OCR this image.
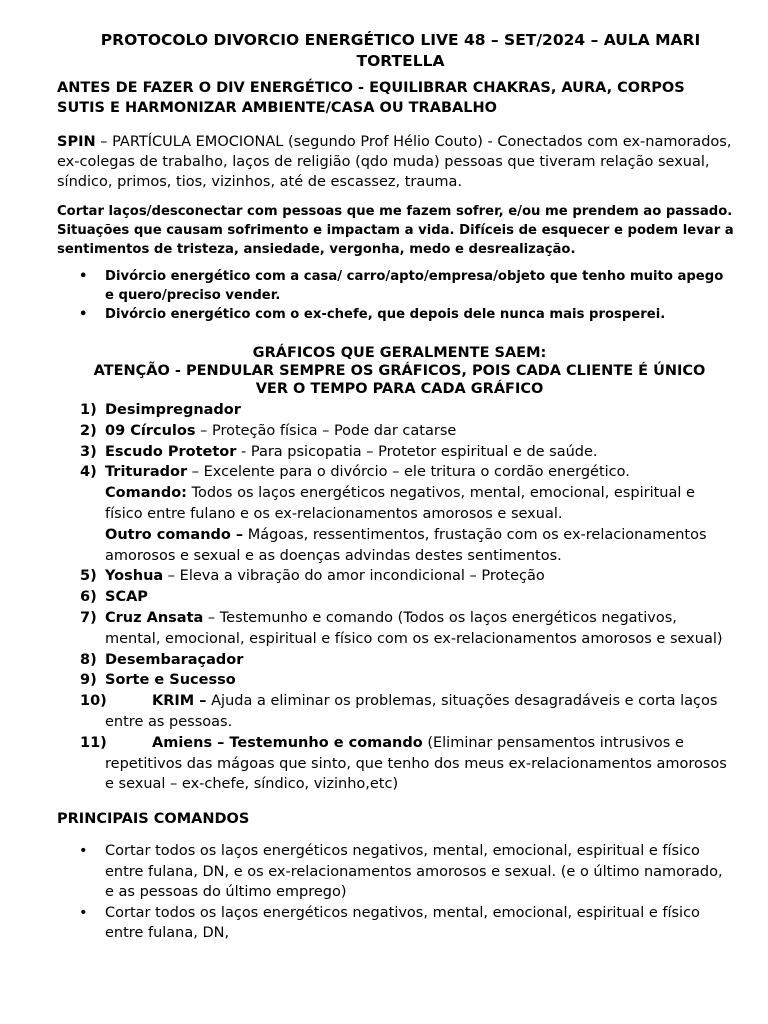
PROTOCOLO DIVORCIO ENERGÉTICO LIVE 48 – SET/2024 – AULA MARI TORTELLA
ANTES DE FAZER O DIV ENERGÉTICO - EQUILIBRAR CHAKRAS, AURA, CORPOS SUTIS E HARMONIZAR AMBIENTE/CASA OU TRABALHO
SPIN – PARTÍCULA EMOCIONAL (segundo Prof Hélio Couto) - Conectados com ex-namorados, ex-colegas de trabalho, laços de religião (qdo muda) pessoas que tiveram relação sexual, síndico, primos, tios, vizinhos, até de escassez, trauma.
Cortar laços/desconectar com pessoas que me fazem sofrer, e/ou me prendem ao passado. Situações que causam sofrimento e impactam a vida. Difíceis de esquecer e podem levar a sentimentos de tristeza, ansiedade, vergonha, medo e desrealização.
• Divórcio energético com a casa/ carro/apto/empresa/objeto que tenho muito apego e quero/preciso vender.
• Divórcio energético com o ex-chefe, que depois dele nunca mais prosperei.
GRÁFICOS QUE GERALMENTE SAEM:
ATENÇÃO - PENDULAR SEMPRE OS GRÁFICOS, POIS CADA CLIENTE É ÚNICO
VER O TEMPO PARA CADA GRÁFICO
1) Desimpregnador
2) 09 Círculos – Proteção física – Pode dar catarse
3) Escudo Protetor - Para psicopatia – Protetor espiritual e de saúde.
4) Triturador – Excelente para o divórcio – ele tritura o cordão energético.
Comando: Todos os laços energéticos negativos, mental, emocional, espiritual e físico entre fulano e os ex-relacionamentos amorosos e sexual.
Outro comando – Mágoas, ressentimentos, frustação com os ex-relacionamentos amorosos e sexual e as doenças advindas destes sentimentos.
5) Yoshua – Eleva a vibração do amor incondicional – Proteção
6) SCAP
7) Cruz Ansata – Testemunho e comando (Todos os laços energéticos negativos, mental, emocional, espiritual e físico com os ex-relacionamentos amorosos e sexual)
8) Desembaraçador
9) Sorte e Sucesso
10)	KRIM – Ajuda a eliminar os problemas, situações desagradáveis e corta laços entre as pessoas.
11)	Amiens – Testemunho e comando (Eliminar pensamentos intrusivos e repetitivos das mágoas que sinto, que tenho dos meus ex-relacionamentos amorosos e sexual – ex-chefe, síndico, vizinho,etc)
PRINCIPAIS COMANDOS
• Cortar todos os laços energéticos negativos, mental, emocional, espiritual e físico entre fulana, DN, e os ex-relacionamentos amorosos e sexual. (e o último namorado, e as pessoas do último emprego)
• Cortar todos os laços energéticos negativos, mental, emocional, espiritual e físico entre fulana, DN,
